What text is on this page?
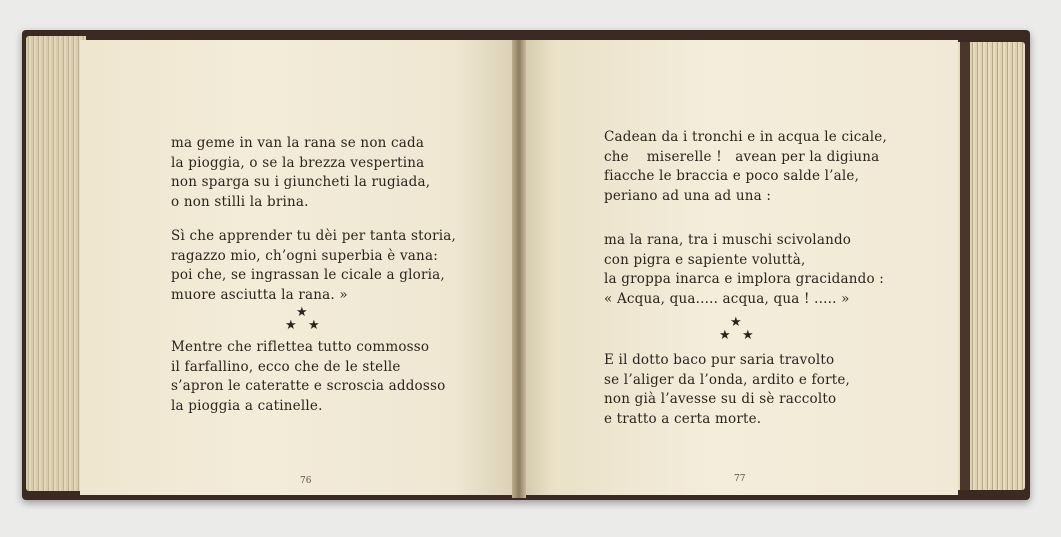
ma geme in van la rana se non cada
la pioggia, o se la brezza vespertina
non sparga su i giuncheti la rugiada,
o non stilli la brina.
Sì che apprender tu dèi per tanta storia,
ragazzo mio, ch’ogni superbia è vana:
poi che, se ingrassan le cicale a gloria,
muore asciutta la rana. »
★
★ ★
Mentre che riflettea tutto commosso
il farfallino, ecco che de le stelle
s’apron le cateratte e scroscia addosso
la pioggia a catinelle.
76
Cadean da i tronchi e in acqua le cicale,
che    miserelle !   avean per la digiuna
fiacche le braccia e poco salde l’ale,
periano ad una ad una :
ma la rana, tra i muschi scivolando
con pigra e sapiente voluttà,
la groppa inarca e implora gracidando :
« Acqua, qua..... acqua, qua ! ..... »
★
★ ★
E il dotto baco pur saria travolto
se l’aliger da l’onda, ardito e forte,
non già l’avesse su di sè raccolto
e tratto a certa morte.
77
